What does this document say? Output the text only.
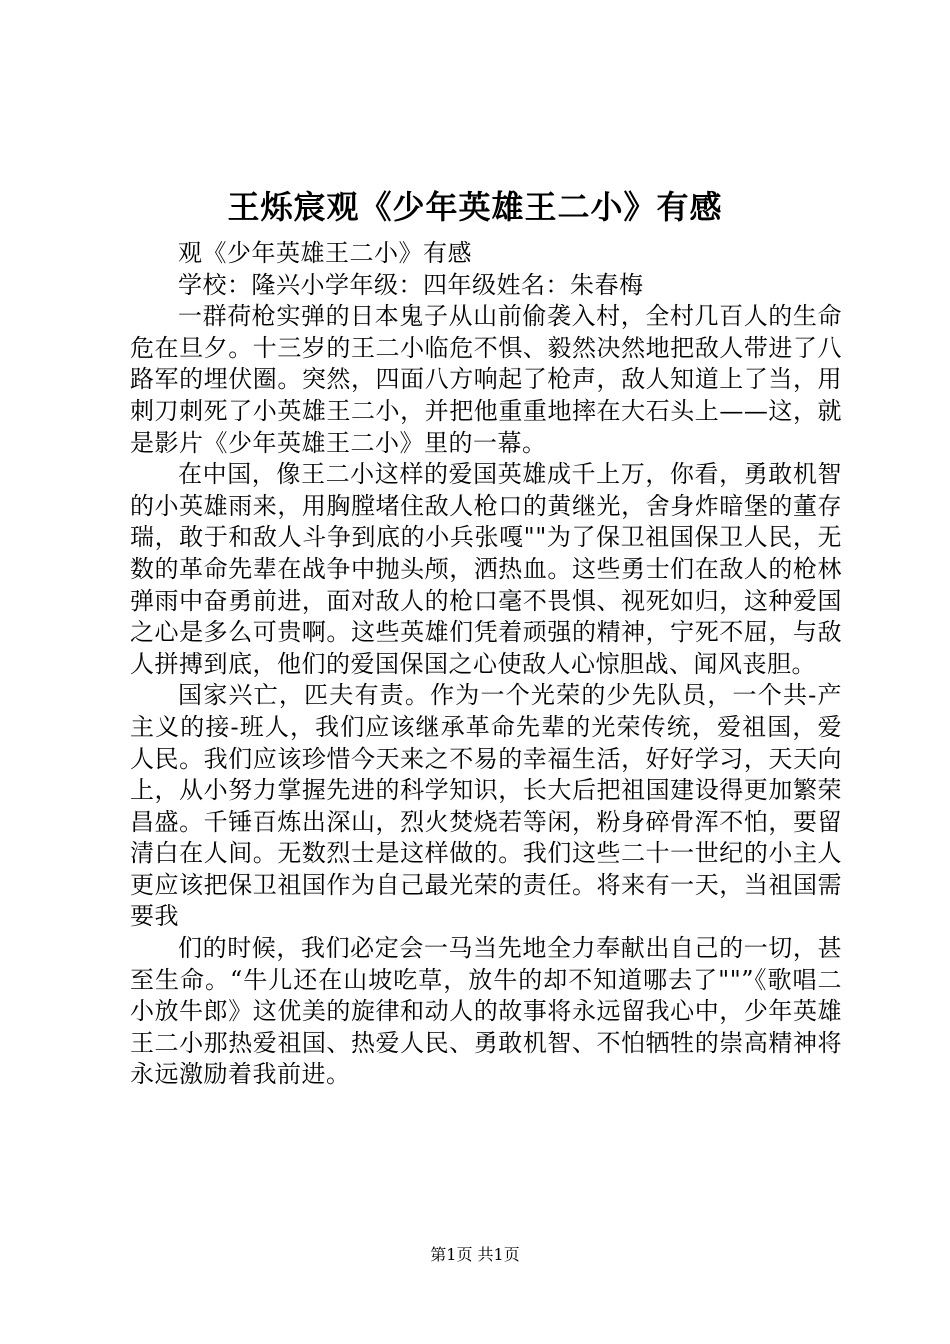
王烁宸观《少年英雄王二小》有感

观《少年英雄王二小》有感

学校：隆兴小学年级：四年级姓名：朱春梅

一群荷枪实弹的日本鬼子从山前偷袭入村，全村几百人的生命危在旦夕。十三岁的王二小临危不惧、毅然决然地把敌人带进了八路军的埋伏圈。突然，四面八方响起了枪声，敌人知道上了当，用刺刀刺死了小英雄王二小，并把他重重地摔在大石头上——这，就是影片《少年英雄王二小》里的一幕。

在中国，像王二小这样的爱国英雄成千上万，你看，勇敢机智的小英雄雨来，用胸膛堵住敌人枪口的黄继光，舍身炸暗堡的董存瑞，敢于和敌人斗争到底的小兵张嘎""为了保卫祖国保卫人民，无数的革命先辈在战争中抛头颅，洒热血。这些勇士们在敌人的枪林弹雨中奋勇前进，面对敌人的枪口毫不畏惧、视死如归，这种爱国之心是多么可贵啊。这些英雄们凭着顽强的精神，宁死不屈，与敌人拼搏到底，他们的爱国保国之心使敌人心惊胆战、闻风丧胆。

国家兴亡，匹夫有责。作为一个光荣的少先队员，一个共-产主义的接-班人，我们应该继承革命先辈的光荣传统，爱祖国，爱人民。我们应该珍惜今天来之不易的幸福生活，好好学习，天天向上，从小努力掌握先进的科学知识，长大后把祖国建设得更加繁荣昌盛。千锤百炼出深山，烈火焚烧若等闲，粉身碎骨浑不怕，要留清白在人间。无数烈士是这样做的。我们这些二十一世纪的小主人更应该把保卫祖国作为自己最光荣的责任。将来有一天，当祖国需要我

们的时候，我们必定会一马当先地全力奉献出自己的一切，甚至生命。“牛儿还在山坡吃草，放牛的却不知道哪去了""”《歌唱二小放牛郎》这优美的旋律和动人的故事将永远留我心中，少年英雄王二小那热爱祖国、热爱人民、勇敢机智、不怕牺牲的崇高精神将永远激励着我前进。

第1页 共1页
